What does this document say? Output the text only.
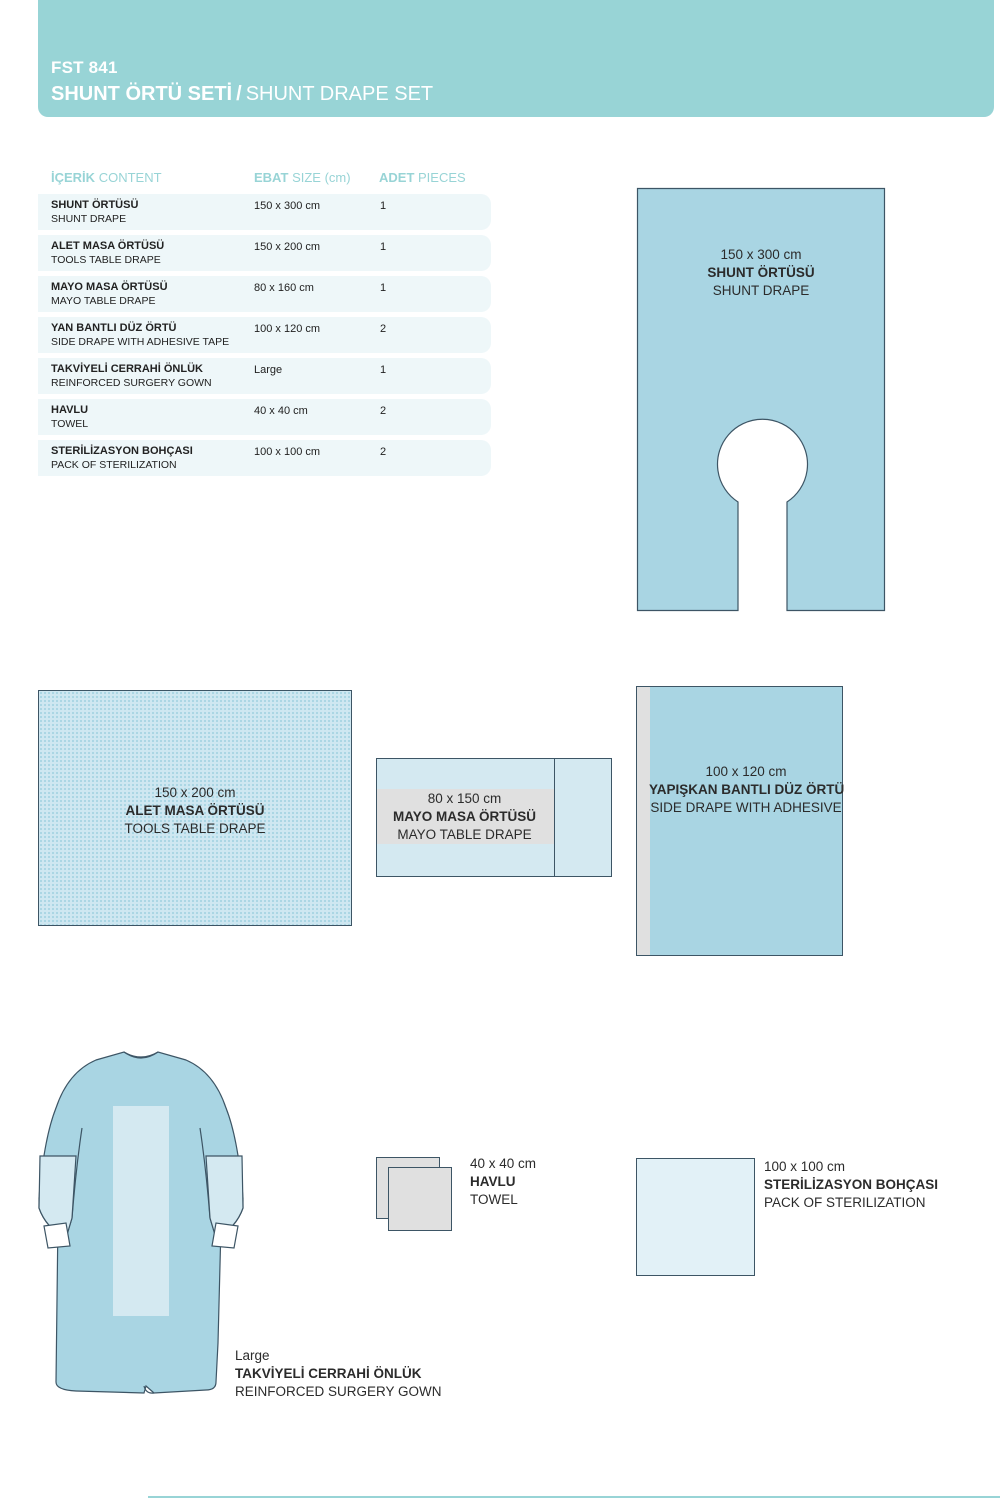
FST 841
SHUNT ÖRTÜ SETİ / SHUNT DRAPE SET
İÇERİK CONTENT	EBAT SIZE (cm) ADET PIECES
SHUNT ÖRTÜSÜ
SHUNT DRAPE
150 x 300 cm	1
ALET MASA ÖRTÜSÜ
TOOLS TABLE DRAPE
150 x 200 cm	1
MAYO MASA ÖRTÜSÜ
MAYO TABLE DRAPE
80 x 160 cm	1
YAN BANTLI DÜZ ÖRTÜ
SIDE DRAPE WITH ADHESIVE TAPE
100 x 120 cm	2
TAKVİYELİ CERRAHİ ÖNLÜK
REINFORCED SURGERY GOWN
Large	1
HAVLU
TOWEL
40 x 40 cm	2
STERİLİZASYON BOHÇASI
PACK OF STERILIZATION
100 x 100 cm	2
150 x 300 cm
SHUNT ÖRTÜSÜ
SHUNT DRAPE
150 x 200 cm
ALET MASA ÖRTÜSÜ
TOOLS TABLE DRAPE
80 x 150 cm
MAYO MASA ÖRTÜSÜ
MAYO TABLE DRAPE
100 x 120 cm
YAPIŞKAN BANTLI DÜZ ÖRTÜ
SIDE DRAPE WITH ADHESIVE
Large
TAKVİYELİ CERRAHİ ÖNLÜK
REINFORCED SURGERY GOWN
40 x 40 cm
HAVLU
TOWEL
100 x 100 cm
STERİLİZASYON BOHÇASI
PACK OF STERILIZATION
